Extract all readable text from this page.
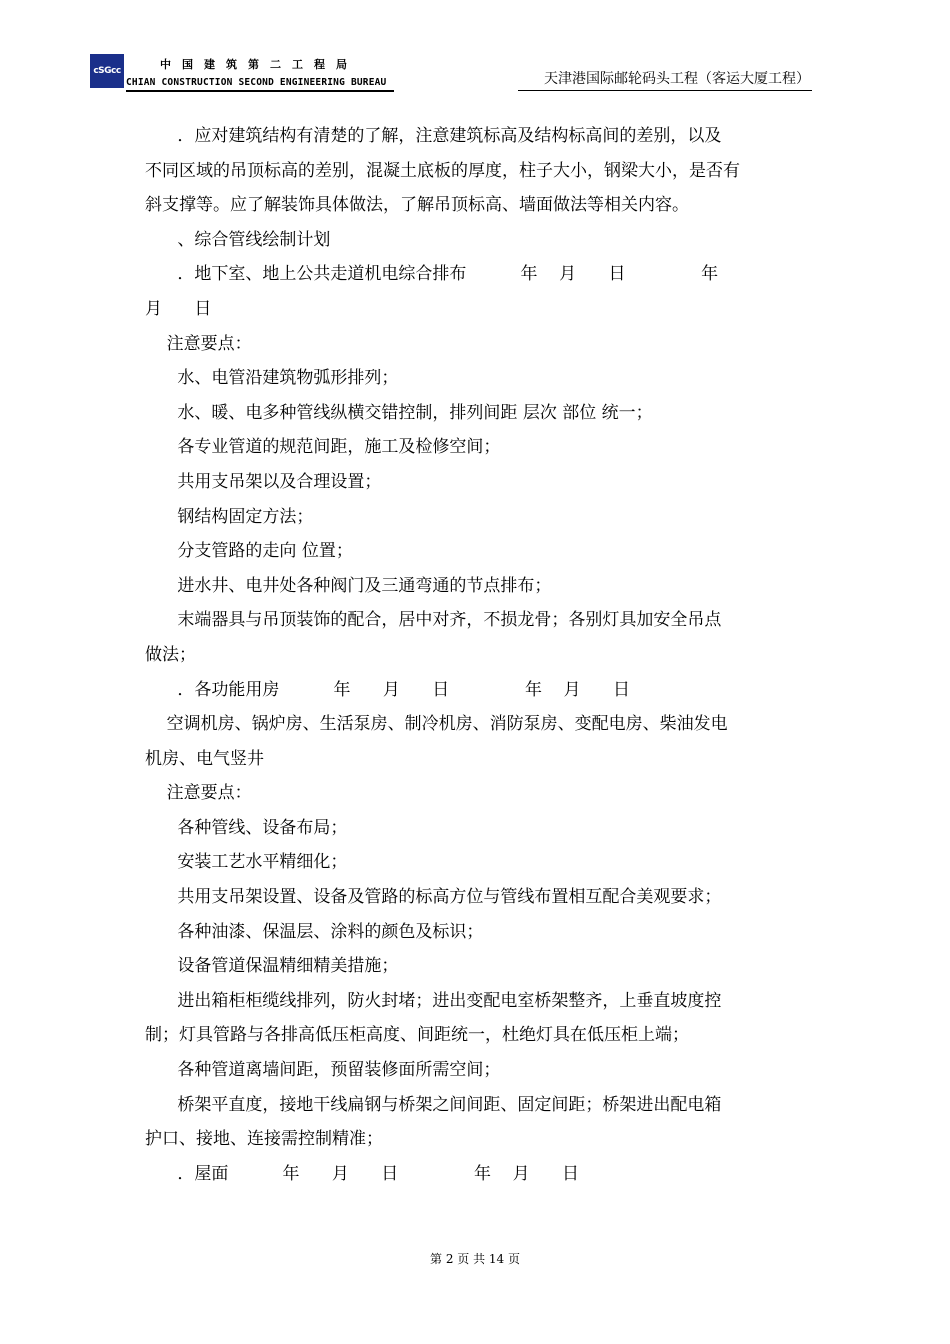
cSGcc	中国建筑第二工程局
CHIAN CONSTRUCTION SECOND ENGINEERING BUREAU	天津港国际邮轮码头工程（客运大厦工程）
．应对建筑结构有清楚的了解，注意建筑标高及结构标高间的差别，以及
不同区域的吊顶标高的差别，混凝土底板的厚度，柱子大小，钢梁大小，是否有
斜支撑等。应了解装饰具体做法，了解吊顶标高、墙面做法等相关内容。
、综合管线绘制计划
．地下室、地上公共走道机电综合排布          年    月      日              年
月      日
注意要点：
水、电管沿建筑物弧形排列；
水、暖、电多种管线纵横交错控制，排列间距 层次 部位 统一；
各专业管道的规范间距，施工及检修空间；
共用支吊架以及合理设置；
钢结构固定方法；
分支管路的走向 位置；
进水井、电井处各种阀门及三通弯通的节点排布；
末端器具与吊顶装饰的配合，居中对齐，不损龙骨；各别灯具加安全吊点
做法；
．各功能用房          年      月      日              年    月      日
空调机房、锅炉房、生活泵房、制冷机房、消防泵房、变配电房、柴油发电
机房、电气竖井
注意要点：
各种管线、设备布局；
安装工艺水平精细化；
共用支吊架设置、设备及管路的标高方位与管线布置相互配合美观要求；
各种油漆、保温层、涂料的颜色及标识；
设备管道保温精细精美措施；
进出箱柜柜缆线排列，防火封堵；进出变配电室桥架整齐，上垂直坡度控
制；灯具管路与各排高低压柜高度、间距统一，杜绝灯具在低压柜上端；
各种管道离墙间距，预留装修面所需空间；
桥架平直度，接地干线扁钢与桥架之间间距、固定间距；桥架进出配电箱
护口、接地、连接需控制精准；
．屋面          年      月      日              年    月      日
第 2 页 共 14 页
